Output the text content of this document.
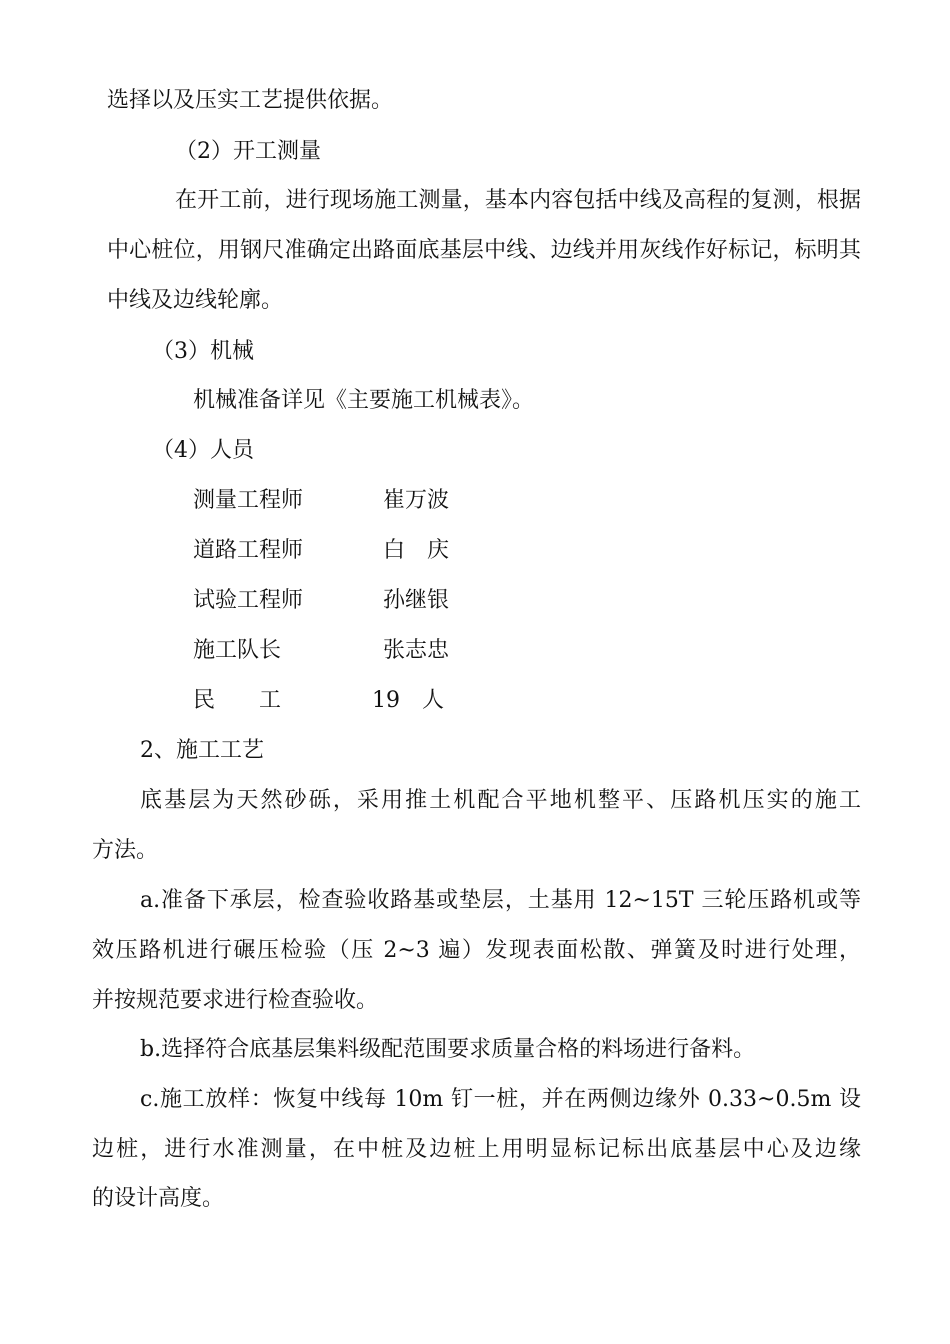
选择以及压实工艺提供依据。
（2）开工测量
在开工前，进行现场施工测量，基本内容包括中线及高程的复测，根据
中心桩位，用钢尺准确定出路面底基层中线、边线并用灰线作好标记，标明其
中线及边线轮廓。
（3）机械
机械准备详见《主要施工机械表》。
（4）人员
测量工程师	崔万波
道路工程师	白　庆
试验工程师	孙继银
施工队长	张志忠
民　　工	19　人
2、施工工艺
底基层为天然砂砾，采用推土机配合平地机整平、压路机压实的施工
方法。
a.准备下承层，检查验收路基或垫层，土基用 12~15T 三轮压路机或等
效压路机进行碾压检验（压 2~3 遍）发现表面松散、弹簧及时进行处理，
并按规范要求进行检查验收。
b.选择符合底基层集料级配范围要求质量合格的料场进行备料。
c.施工放样：恢复中线每 10m 钉一桩，并在两侧边缘外 0.33~0.5m 设
边桩，进行水准测量，在中桩及边桩上用明显标记标出底基层中心及边缘
的设计高度。
